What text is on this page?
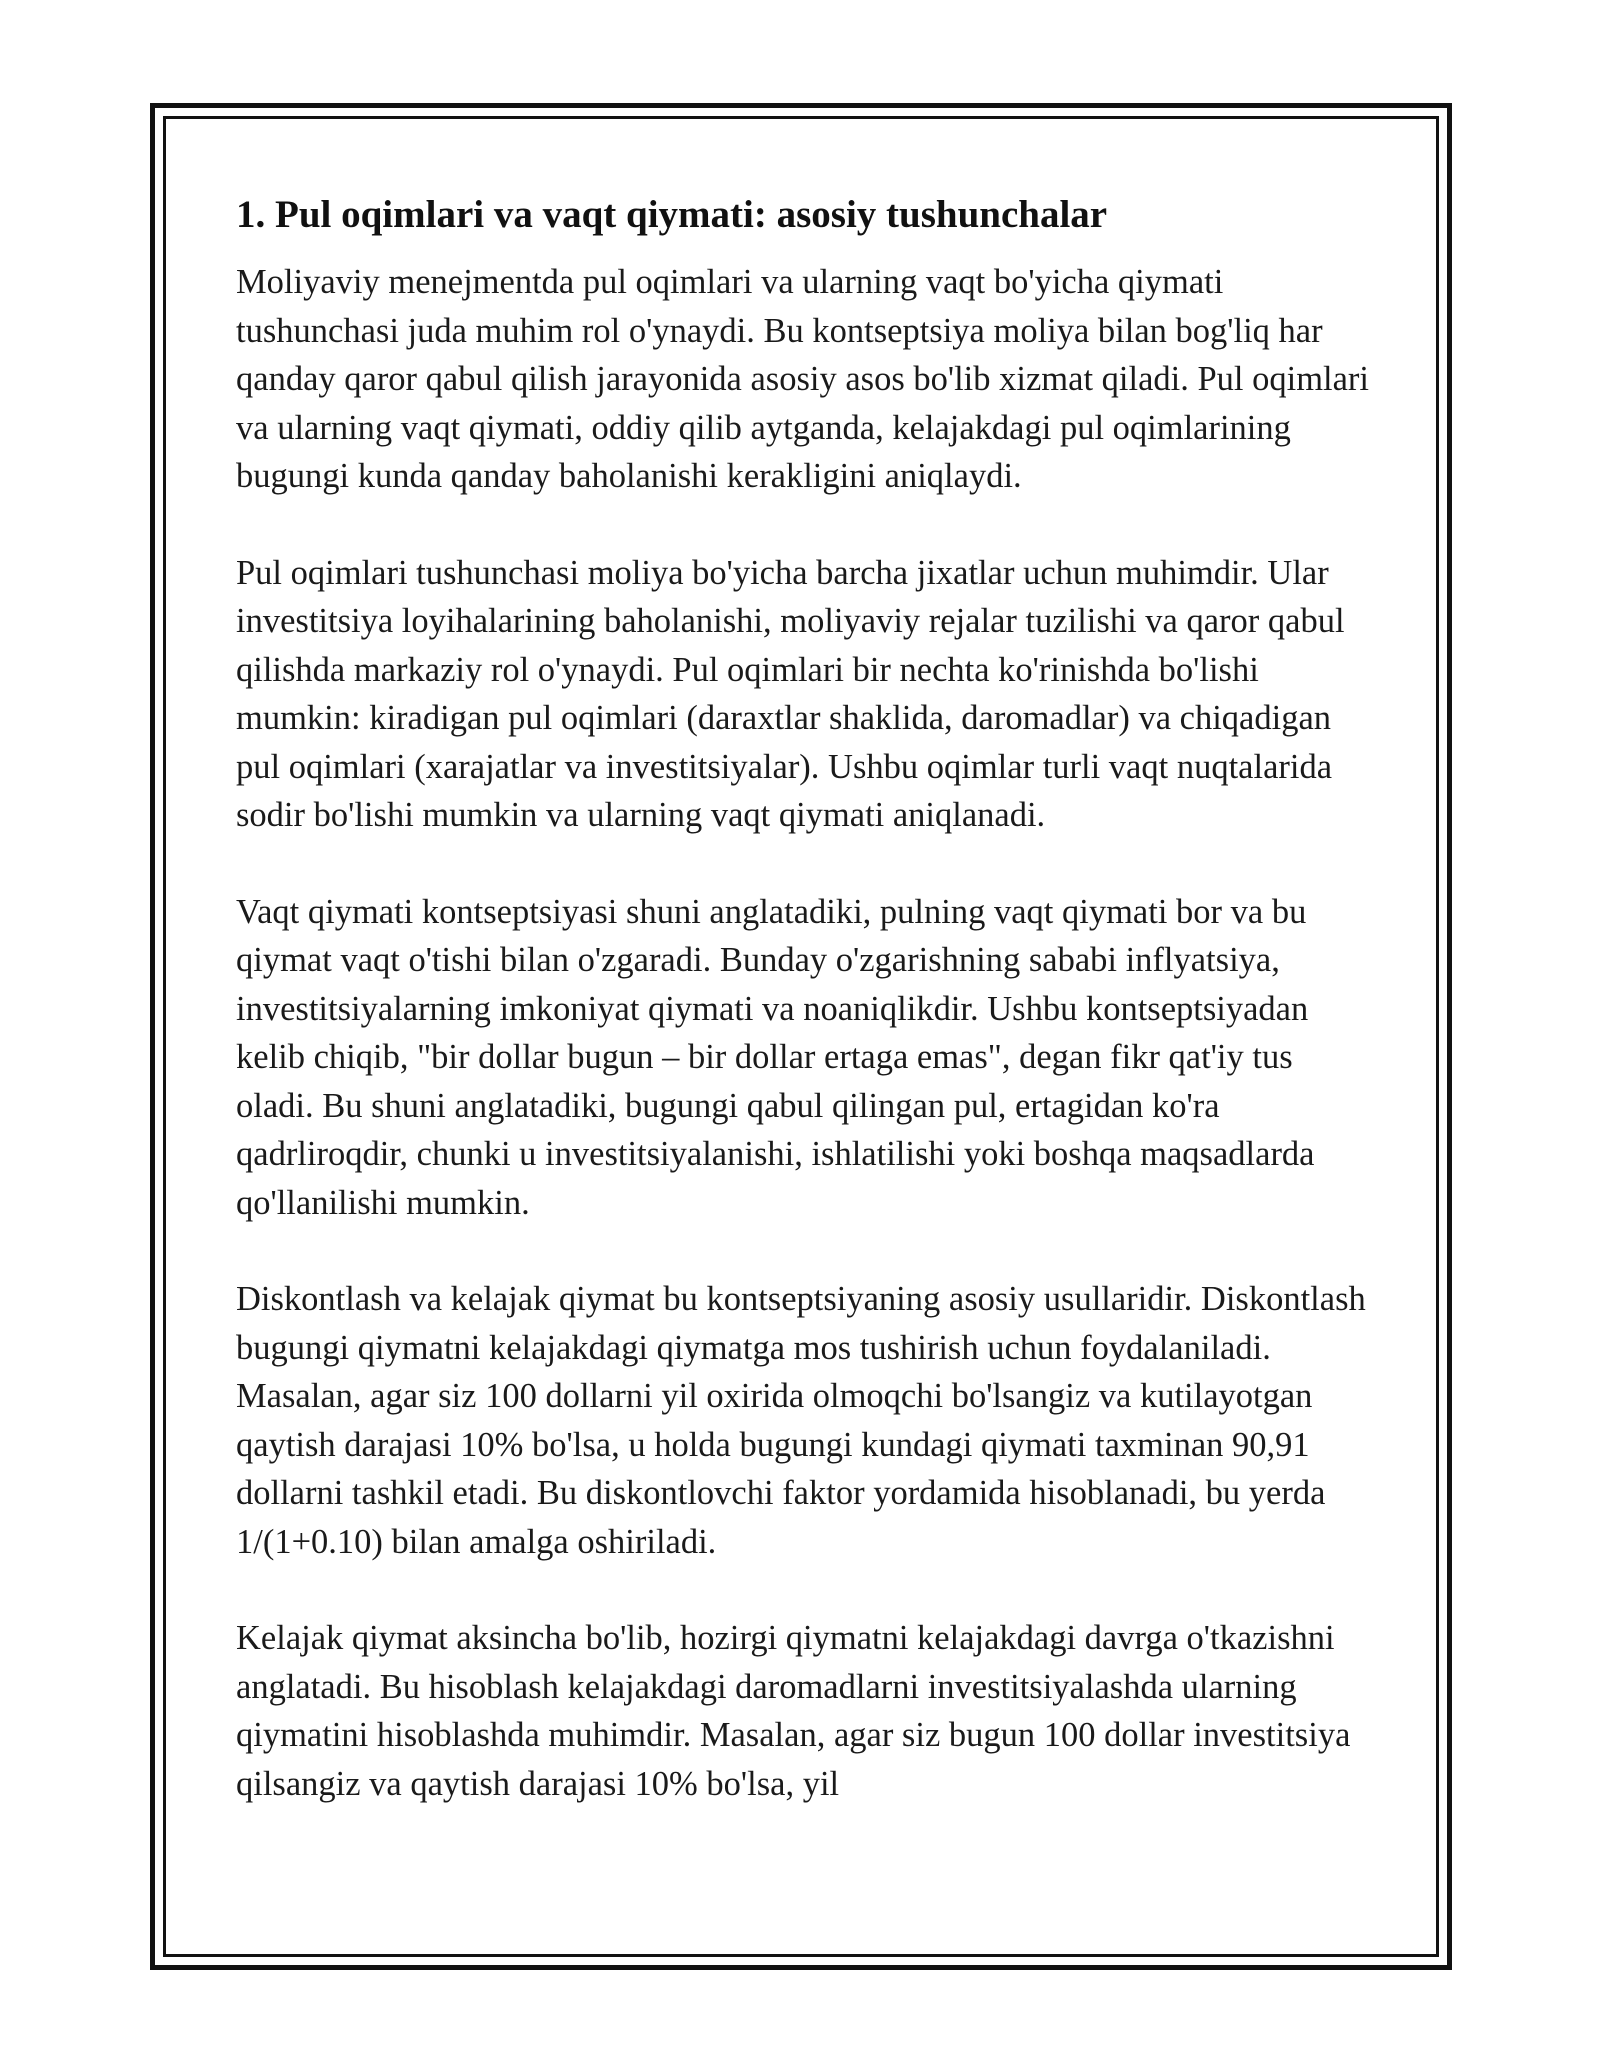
1. Pul oqimlari va vaqt qiymati: asosiy tushunchalar

Moliyaviy menejmentda pul oqimlari va ularning vaqt bo'yicha qiymati tushunchasi juda muhim rol o'ynaydi. Bu kontseptsiya moliya bilan bog'liq har qanday qaror qabul qilish jarayonida asosiy asos bo'lib xizmat qiladi. Pul oqimlari va ularning vaqt qiymati, oddiy qilib aytganda, kelajakdagi pul oqimlarining bugungi kunda qanday baholanishi kerakligini aniqlaydi.

Pul oqimlari tushunchasi moliya bo'yicha barcha jixatlar uchun muhimdir. Ular investitsiya loyihalarining baholanishi, moliyaviy rejalar tuzilishi va qaror qabul qilishda markaziy rol o'ynaydi. Pul oqimlari bir nechta ko'rinishda bo'lishi mumkin: kiradigan pul oqimlari (daraxtlar shaklida, daromadlar) va chiqadigan pul oqimlari (xarajatlar va investitsiyalar). Ushbu oqimlar turli vaqt nuqtalarida sodir bo'lishi mumkin va ularning vaqt qiymati aniqlanadi.

Vaqt qiymati kontseptsiyasi shuni anglatadiki, pulning vaqt qiymati bor va bu qiymat vaqt o'tishi bilan o'zgaradi. Bunday o'zgarishning sababi inflyatsiya, investitsiyalarning imkoniyat qiymati va noaniqlikdir. Ushbu kontseptsiyadan kelib chiqib, "bir dollar bugun – bir dollar ertaga emas", degan fikr qat'iy tus oladi. Bu shuni anglatadiki, bugungi qabul qilingan pul, ertagidan ko'ra qadrliroqdir, chunki u investitsiyalanishi, ishlatilishi yoki boshqa maqsadlarda qo'llanilishi mumkin.

Diskontlash va kelajak qiymat bu kontseptsiyaning asosiy usullaridir. Diskontlash bugungi qiymatni kelajakdagi qiymatga mos tushirish uchun foydalaniladi. Masalan, agar siz 100 dollarni yil oxirida olmoqchi bo'lsangiz va kutilayotgan qaytish darajasi 10% bo'lsa, u holda bugungi kundagi qiymati taxminan 90,91 dollarni tashkil etadi. Bu diskontlovchi faktor yordamida hisoblanadi, bu yerda 1/(1+0.10) bilan amalga oshiriladi.

Kelajak qiymat aksincha bo'lib, hozirgi qiymatni kelajakdagi davrga o'tkazishni anglatadi. Bu hisoblash kelajakdagi daromadlarni investitsiyalashda ularning qiymatini hisoblashda muhimdir. Masalan, agar siz bugun 100 dollar investitsiya qilsangiz va qaytish darajasi 10% bo'lsa, yil
